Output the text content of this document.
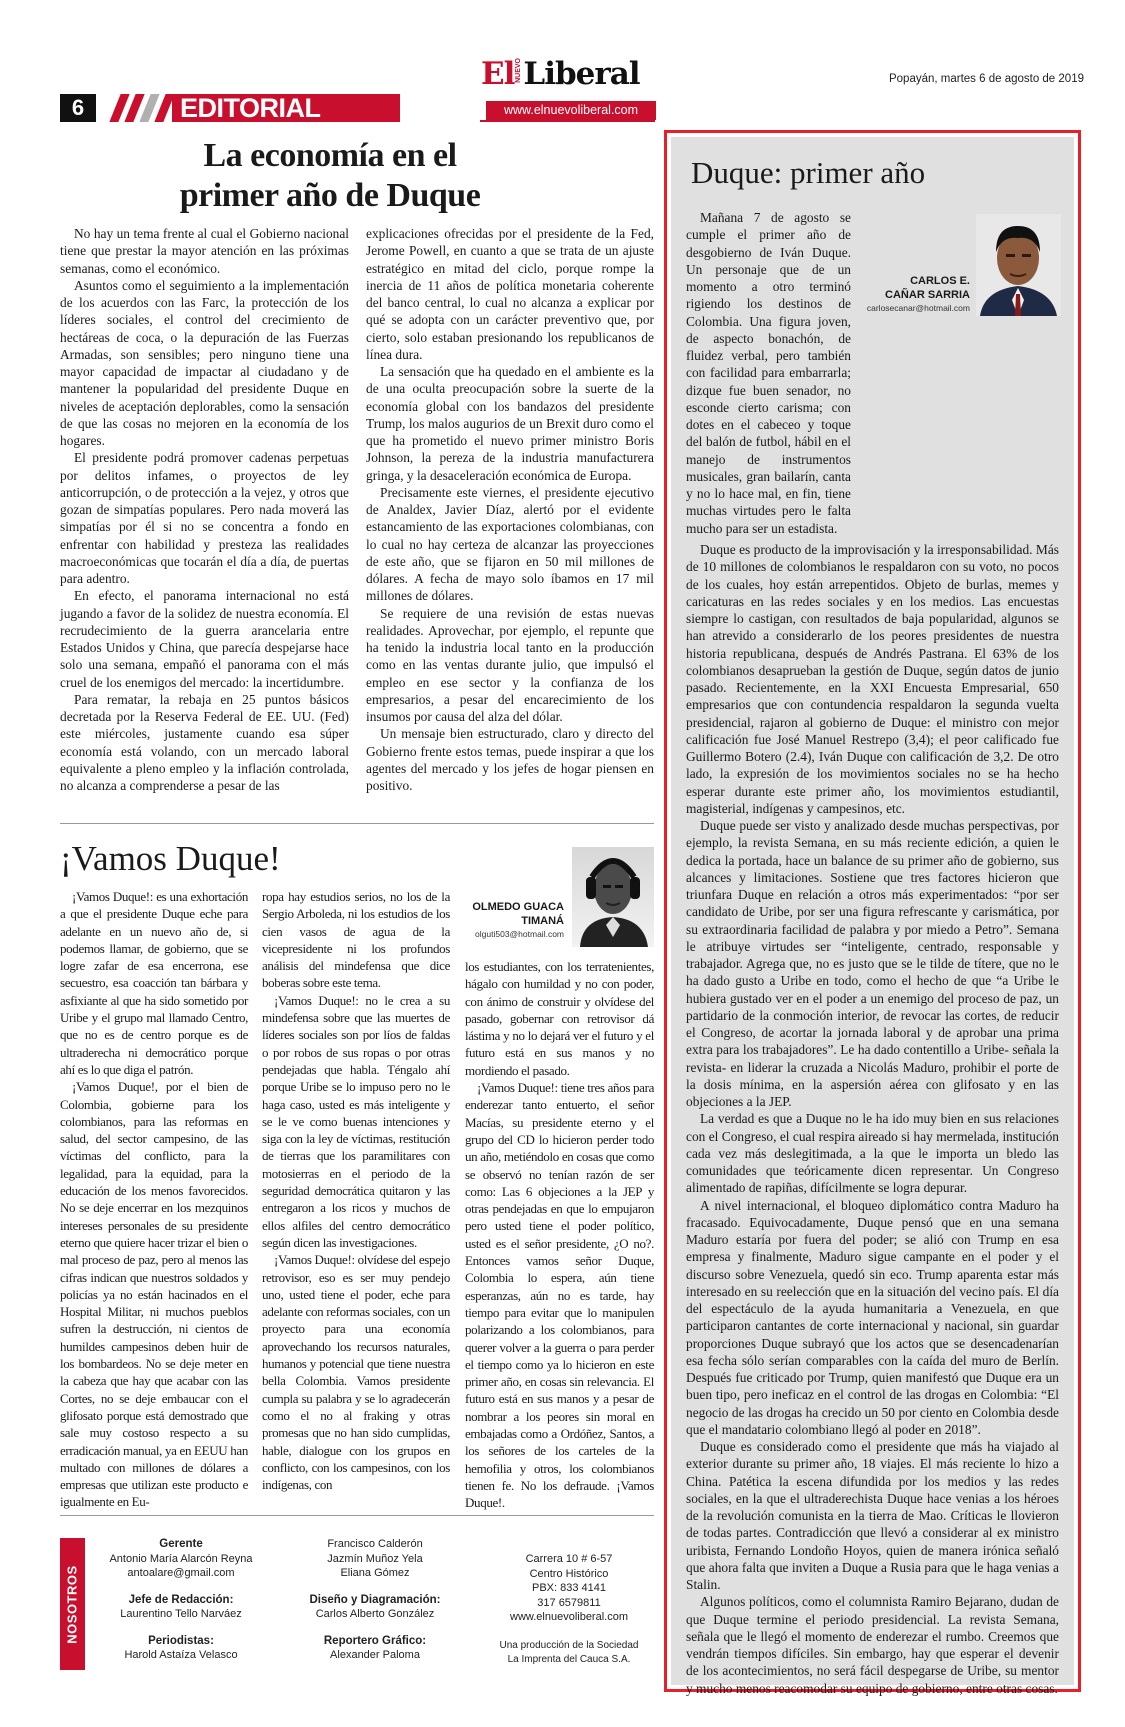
ElNUEVOLiberal	Popayán, martes 6 de agosto de 2019
6	EDITORIAL	www.elnuevoliberal.com
La economía en el
primer año de Duque

No hay un tema frente al cual el Gobierno nacional tiene que prestar la mayor atención en las próximas semanas, como el económico.

Asuntos como el seguimiento a la implementación de los acuerdos con las Farc, la protección de los líderes sociales, el control del crecimiento de hectáreas de coca, o la depuración de las Fuerzas Armadas, son sensibles; pero ninguno tiene una mayor capacidad de impactar al ciudadano y de mantener la popularidad del presidente Duque en niveles de aceptación deplorables, como la sensación de que las cosas no mejoren en la economía de los hogares.

El presidente podrá promover cadenas perpetuas por delitos infames, o proyectos de ley anticorrupción, o de protección a la vejez, y otros que gozan de simpatías populares. Pero nada moverá las simpatías por él si no se concentra a fondo en enfrentar con habilidad y presteza las realidades macroeconómicas que tocarán el día a día, de puertas para adentro.

En efecto, el panorama internacional no está jugando a favor de la solidez de nuestra economía. El recrudecimiento de la guerra arancelaria entre Estados Unidos y China, que parecía despejarse hace solo una semana, empañó el panorama con el más cruel de los enemigos del mercado: la incertidumbre.

Para rematar, la rebaja en 25 puntos básicos decretada por la Reserva Federal de EE. UU. (Fed) este miércoles, justamente cuando esa súper economía está volando, con un mercado laboral equivalente a pleno empleo y la inflación controlada, no alcanza a comprenderse a pesar de las

explicaciones ofrecidas por el presidente de la Fed, Jerome Powell, en cuanto a que se trata de un ajuste estratégico en mitad del ciclo, porque rompe la inercia de 11 años de política monetaria coherente del banco central, lo cual no alcanza a explicar por qué se adopta con un carácter preventivo que, por cierto, solo estaban presionando los republicanos de línea dura.

La sensación que ha quedado en el ambiente es la de una oculta preocupación sobre la suerte de la economía global con los bandazos del presidente Trump, los malos augurios de un Brexit duro como el que ha prometido el nuevo primer ministro Boris Johnson, la pereza de la industria manufacturera gringa, y la desaceleración económica de Europa.

Precisamente este viernes, el presidente ejecutivo de Analdex, Javier Díaz, alertó por el evidente estancamiento de las exportaciones colombianas, con lo cual no hay certeza de alcanzar las proyecciones de este año, que se fijaron en 50 mil millones de dólares. A fecha de mayo solo íbamos en 17 mil millones de dólares.

Se requiere de una revisión de estas nuevas realidades. Aprovechar, por ejemplo, el repunte que ha tenido la industria local tanto en la producción como en las ventas durante julio, que impulsó el empleo en ese sector y la confianza de los empresarios, a pesar del encarecimiento de los insumos por causa del alza del dólar.

Un mensaje bien estructurado, claro y directo del Gobierno frente estos temas, puede inspirar a que los agentes del mercado y los jefes de hogar piensen en positivo.

¡Vamos Duque!
OLMEDO GUACA
TIMANÁ
olguti503@hotmail.com

¡Vamos Duque!: es una exhortación a que el presidente Duque eche para adelante en un nuevo año de, si podemos llamar, de gobierno, que se logre zafar de esa encerrona, ese secuestro, esa coacción tan bárbara y asfixiante al que ha sido sometido por Uribe y el grupo mal llamado Centro, que no es de centro porque es de ultraderecha ni democrático porque ahí es lo que diga el patrón.

¡Vamos Duque!, por el bien de Colombia, gobierne para los colombianos, para las reformas en salud, del sector campesino, de las víctimas del conflicto, para la legalidad, para la equidad, para la educación de los menos favorecidos. No se deje encerrar en los mezquinos intereses personales de su presidente eterno que quiere hacer trizar el bien o mal proceso de paz, pero al menos las cifras indican que nuestros soldados y policías ya no están hacinados en el Hospital Militar, ni muchos pueblos sufren la destrucción, ni cientos de humildes campesinos deben huir de los bombardeos. No se deje meter en la cabeza que hay que acabar con las Cortes, no se deje embaucar con el glifosato porque está demostrado que sale muy costoso respecto a su erradicación manual, ya en EEUU han multado con millones de dólares a empresas que utilizan este producto e igualmente en Eu-

ropa hay estudios serios, no los de la Sergio Arboleda, ni los estudios de los cien vasos de agua de la vicepresidente ni los profundos análisis del mindefensa que dice boberas sobre este tema.

¡Vamos Duque!: no le crea a su mindefensa sobre que las muertes de líderes sociales son por líos de faldas o por robos de sus ropas o por otras pendejadas que habla. Téngalo ahí porque Uribe se lo impuso pero no le haga caso, usted es más inteligente y se le ve como buenas intenciones y siga con la ley de víctimas, restitución de tierras que los paramilitares con motosierras en el periodo de la seguridad democrática quitaron y las entregaron a los ricos y muchos de ellos alfiles del centro democrático según dicen las investigaciones.

¡Vamos Duque!: olvídese del espejo retrovisor, eso es ser muy pendejo uno, usted tiene el poder, eche para adelante con reformas sociales, con un proyecto para una economía aprovechando los recursos naturales, humanos y potencial que tiene nuestra bella Colombia. Vamos presidente cumpla su palabra y se lo agradecerán como el no al fraking y otras promesas que no han sido cumplidas, hable, dialogue con los grupos en conflicto, con los campesinos, con los indígenas, con

los estudiantes, con los terratenientes, hágalo con humildad y no con poder, con ánimo de construir y olvídese del pasado, gobernar con retrovisor dá lástima y no lo dejará ver el futuro y el futuro está en sus manos y no mordiendo el pasado.

¡Vamos Duque!: tiene tres años para enderezar tanto entuerto, el señor Macías, su presidente eterno y el grupo del CD lo hicieron perder todo un año, metiéndolo en cosas que como se observó no tenían razón de ser como: Las 6 objeciones a la JEP y otras pendejadas en que lo empujaron pero usted tiene el poder político, usted es el señor presidente, ¿O no?. Entonces vamos señor Duque, Colombia lo espera, aún tiene esperanzas, aún no es tarde, hay tiempo para evitar que lo manipulen polarizando a los colombianos, para querer volver a la guerra o para perder el tiempo como ya lo hicieron en este primer año, en cosas sin relevancia. El futuro está en sus manos y a pesar de nombrar a los peores sin moral en embajadas como a Ordóñez, Santos, a los señores de los carteles de la hemofilia y otros, los colombianos tienen fe. No los defraude. ¡Vamos Duque!.

NOSOTROS
Gerente
Antonio María Alarcón Reyna
antoalare@gmail.com
Jefe de Redacción:
Laurentino Tello Narváez
Periodistas:
Harold Astaíza Velasco
Francisco Calderón
Jazmín Muñoz Yela
Eliana Gómez
Diseño y Diagramación:
Carlos Alberto González
Reportero Gráfico:
Alexander Paloma
Carrera 10 # 6-57
Centro Histórico
PBX: 833 4141
317 6579811
www.elnuevoliberal.com
Una producción de la Sociedad
La Imprenta del Cauca S.A.
Duque: primer año
CARLOS E.
CAÑAR SARRIA
carlosecanar@hotmail.com

Mañana 7 de agosto se cumple el primer año de desgobierno de Iván Duque. Un personaje que de un momento a otro terminó rigiendo los destinos de Colombia. Una figura joven, de aspecto bonachón, de fluidez verbal, pero también con facilidad para embarrarla; dizque fue buen senador, no esconde cierto carisma; con dotes en el cabeceo y toque del balón de futbol, hábil en el manejo de instrumentos musicales, gran bailarín, canta y no lo hace mal, en fin, tiene muchas virtudes pero le falta mucho para ser un estadista.

Duque es producto de la improvisación y la irresponsabilidad. Más de 10 millones de colombianos le respaldaron con su voto, no pocos de los cuales, hoy están arrepentidos. Objeto de burlas, memes y caricaturas en las redes sociales y en los medios. Las encuestas siempre lo castigan, con resultados de baja popularidad, algunos se han atrevido a considerarlo de los peores presidentes de nuestra historia republicana, después de Andrés Pastrana. El 63% de los colombianos desaprueban la gestión de Duque, según datos de junio pasado. Recientemente, en la XXI Encuesta Empresarial, 650 empresarios que con contundencia respaldaron la segunda vuelta presidencial, rajaron al gobierno de Duque: el ministro con mejor calificación fue José Manuel Restrepo (3,4); el peor calificado fue Guillermo Botero (2.4), Iván Duque con calificación de 3,2. De otro lado, la expresión de los movimientos sociales no se ha hecho esperar durante este primer año, los movimientos estudiantil, magisterial, indígenas y campesinos, etc.

Duque puede ser visto y analizado desde muchas perspectivas, por ejemplo, la revista Semana, en su más reciente edición, a quien le dedica la portada, hace un balance de su primer año de gobierno, sus alcances y limitaciones. Sostiene que tres factores hicieron que triunfara Duque en relación a otros más experimentados: “por ser candidato de Uribe, por ser una figura refrescante y carismática, por su extraordinaria facilidad de palabra y por miedo a Petro”. Semana le atribuye virtudes ser “inteligente, centrado, responsable y trabajador. Agrega que, no es justo que se le tilde de títere, que no le ha dado gusto a Uribe en todo, como el hecho de que “a Uribe le hubiera gustado ver en el poder a un enemigo del proceso de paz, un partidario de la conmoción interior, de revocar las cortes, de reducir el Congreso, de acortar la jornada laboral y de aprobar una prima extra para los trabajadores”. Le ha dado contentillo a Uribe- señala la revista- en liderar la cruzada a Nicolás Maduro, prohibir el porte de la dosis mínima, en la aspersión aérea con glifosato y en las objeciones a la JEP.

La verdad es que a Duque no le ha ido muy bien en sus relaciones con el Congreso, el cual respira aireado si hay mermelada, institución cada vez más deslegitimada, a la que le importa un bledo las comunidades que teóricamente dicen representar. Un Congreso alimentado de rapiñas, difícilmente se logra depurar.

A nivel internacional, el bloqueo diplomático contra Maduro ha fracasado. Equivocadamente, Duque pensó que en una semana Maduro estaría por fuera del poder; se alió con Trump en esa empresa y finalmente, Maduro sigue campante en el poder y el discurso sobre Venezuela, quedó sin eco. Trump aparenta estar más interesado en su reelección que en la situación del vecino país. El día del espectáculo de la ayuda humanitaria a Venezuela, en que participaron cantantes de corte internacional y nacional, sin guardar proporciones Duque subrayó que los actos que se desencadenarían esa fecha sólo serían comparables con la caída del muro de Berlín. Después fue criticado por Trump, quien manifestó que Duque era un buen tipo, pero ineficaz en el control de las drogas en Colombia: “El negocio de las drogas ha crecido un 50 por ciento en Colombia desde que el mandatario colombiano llegó al poder en 2018”.

Duque es considerado como el presidente que más ha viajado al exterior durante su primer año, 18 viajes. El más reciente lo hizo a China. Patética la escena difundida por los medios y las redes sociales, en la que el ultraderechista Duque hace venias a los héroes de la revolución comunista en la tierra de Mao. Críticas le llovieron de todas partes. Contradicción que llevó a considerar al ex ministro uribista, Fernando Londoño Hoyos, quien de manera irónica señaló que ahora falta que inviten a Duque a Rusia para que le haga venias a Stalin.

Algunos políticos, como el columnista Ramiro Bejarano, dudan de que Duque termine el periodo presidencial. La revista Semana, señala que le llegó el momento de enderezar el rumbo. Creemos que vendrán tiempos difíciles. Sin embargo, hay que esperar el devenir de los acontecimientos, no será fácil despegarse de Uribe, su mentor y mucho menos reacomodar su equipo de gobierno, entre otras cosas.
